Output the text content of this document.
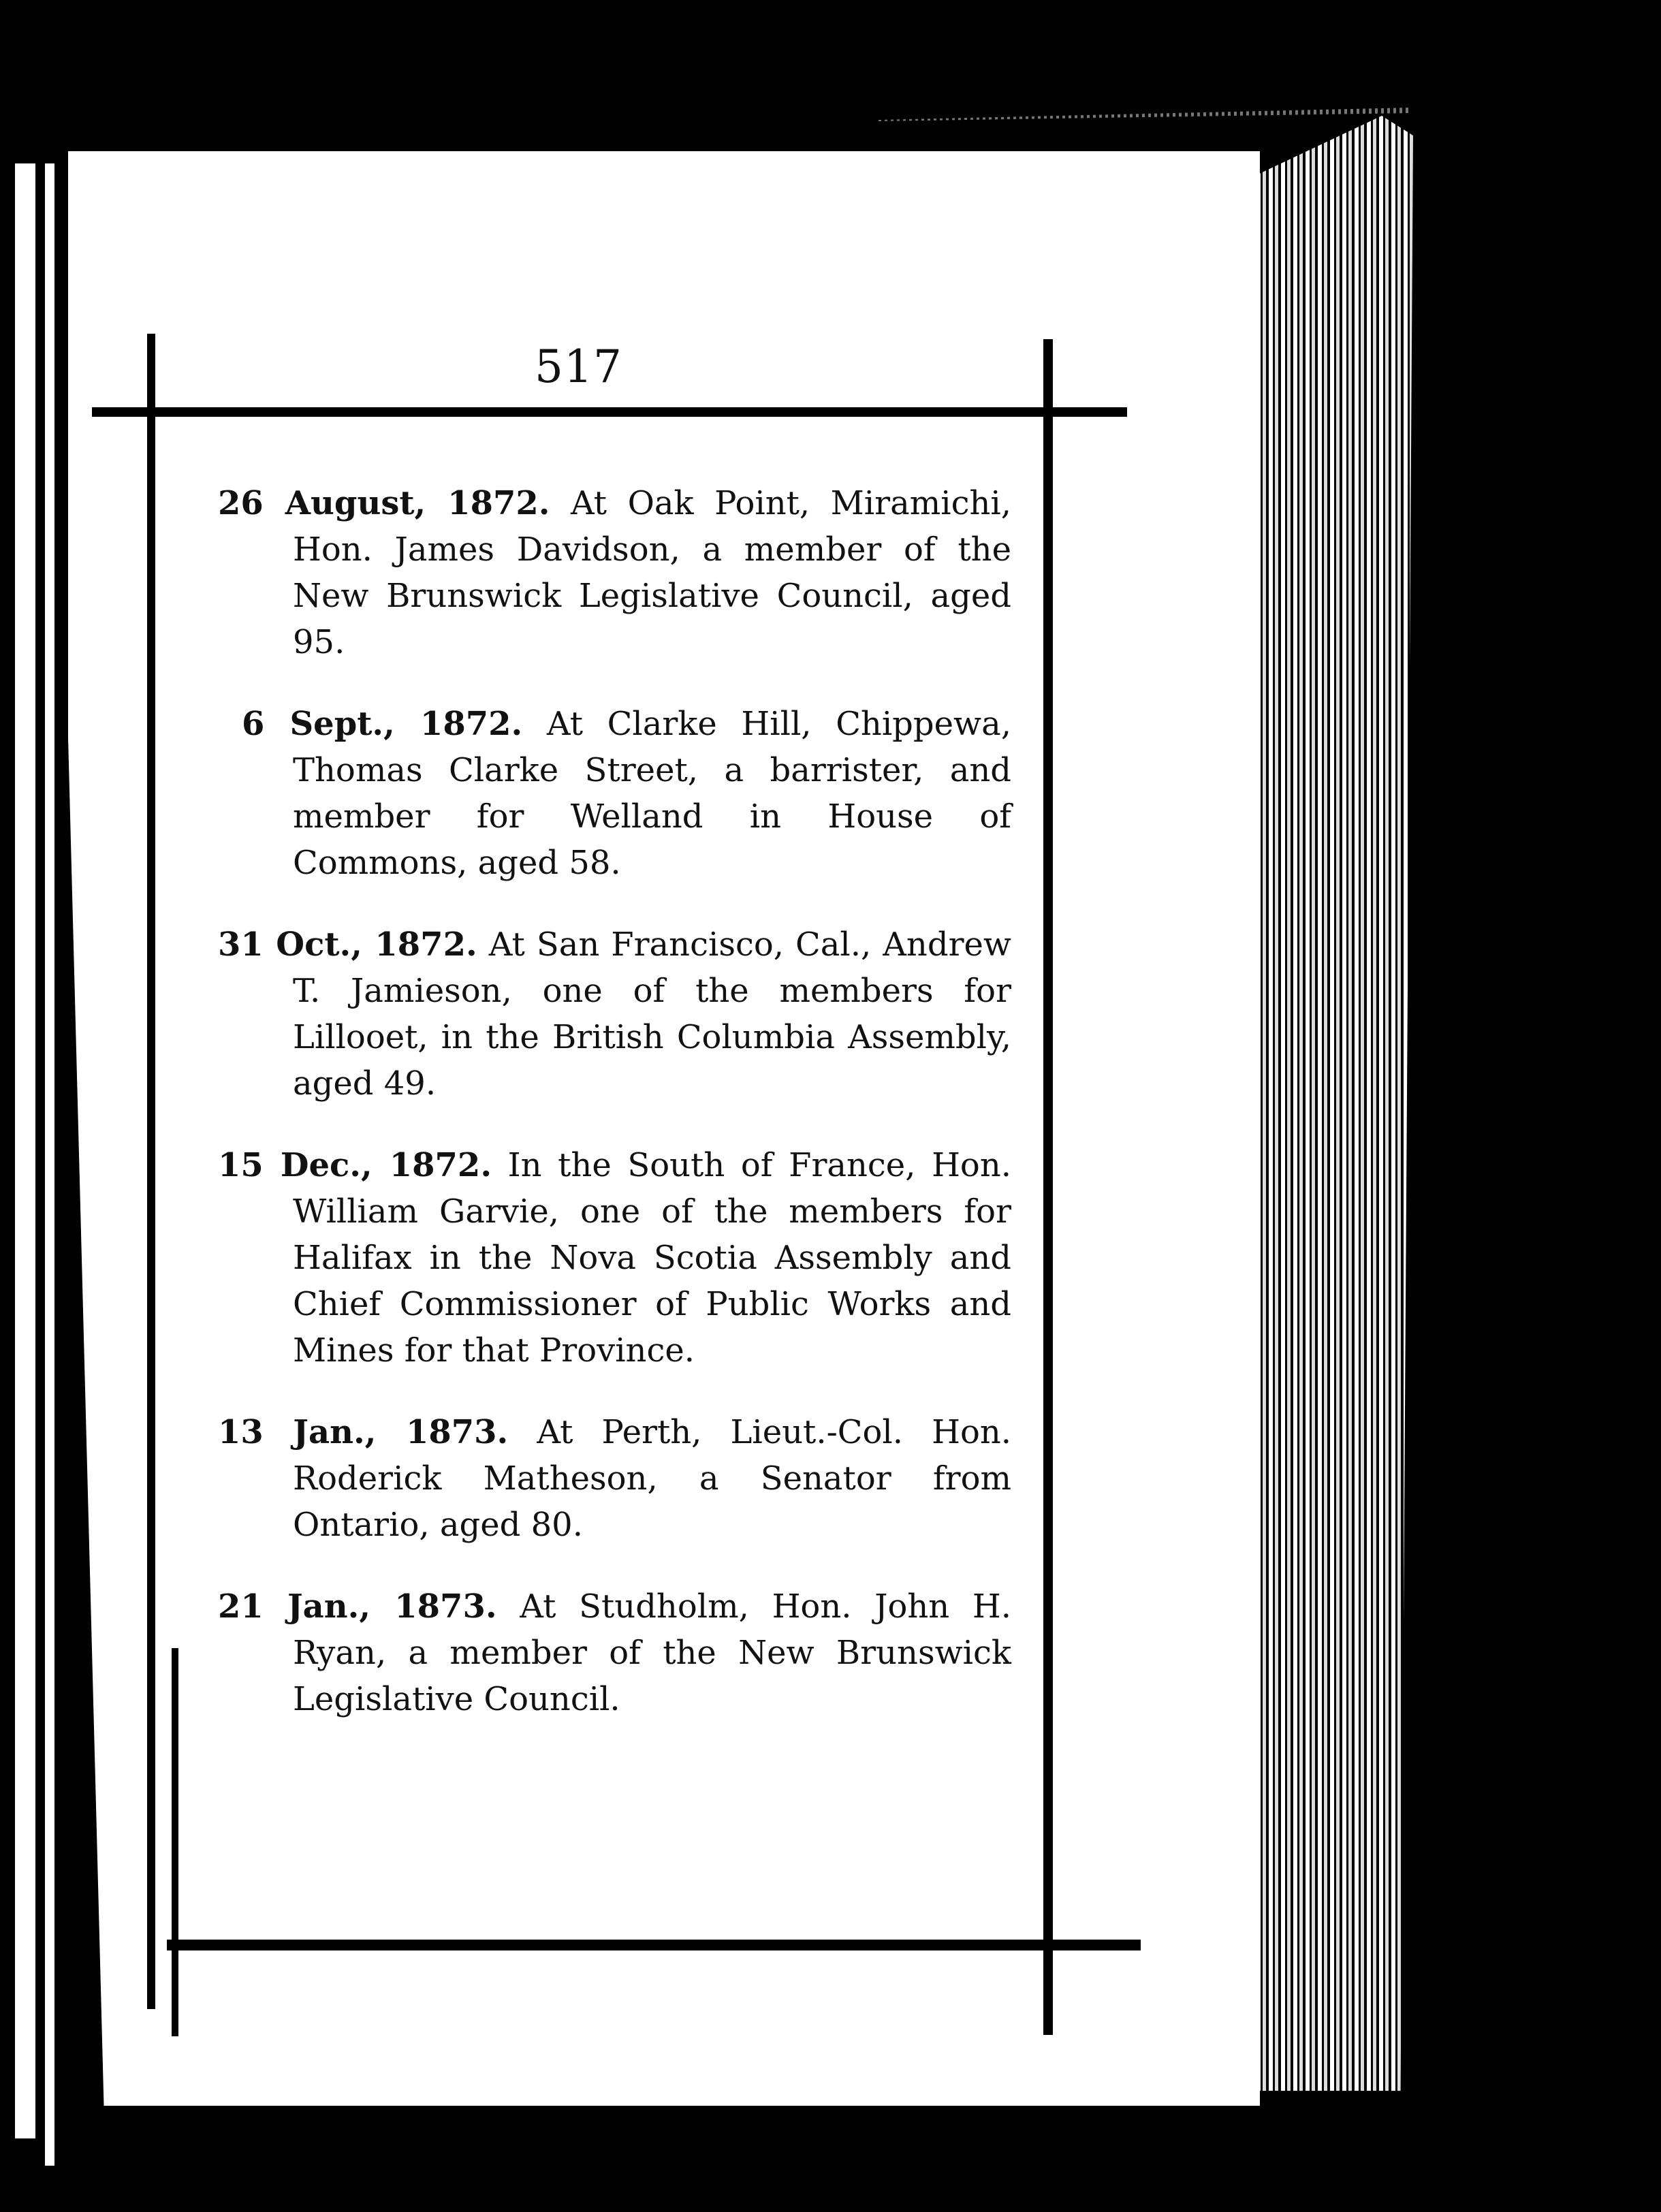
517

26 August, 1872. At Oak Point, Miramichi, Hon. James Davidson, a member of the New Brunswick Legislative Council, aged 95.

6 Sept., 1872. At Clarke Hill, Chippewa, Thomas Clarke Street, a barrister, and member for Welland in House of Commons, aged 58.

31 Oct., 1872. At San Francisco, Cal., Andrew T. Jamieson, one of the members for Lillooet, in the British Columbia Assembly, aged 49.

15 Dec., 1872. In the South of France, Hon. William Garvie, one of the members for Halifax in the Nova Scotia Assembly and Chief Commissioner of Public Works and Mines for that Province.

13 Jan., 1873. At Perth, Lieut.-Col. Hon. Roderick Matheson, a Senator from Ontario, aged 80.

21 Jan., 1873. At Studholm, Hon. John H. Ryan, a member of the New Brunswick Legislative Council.
